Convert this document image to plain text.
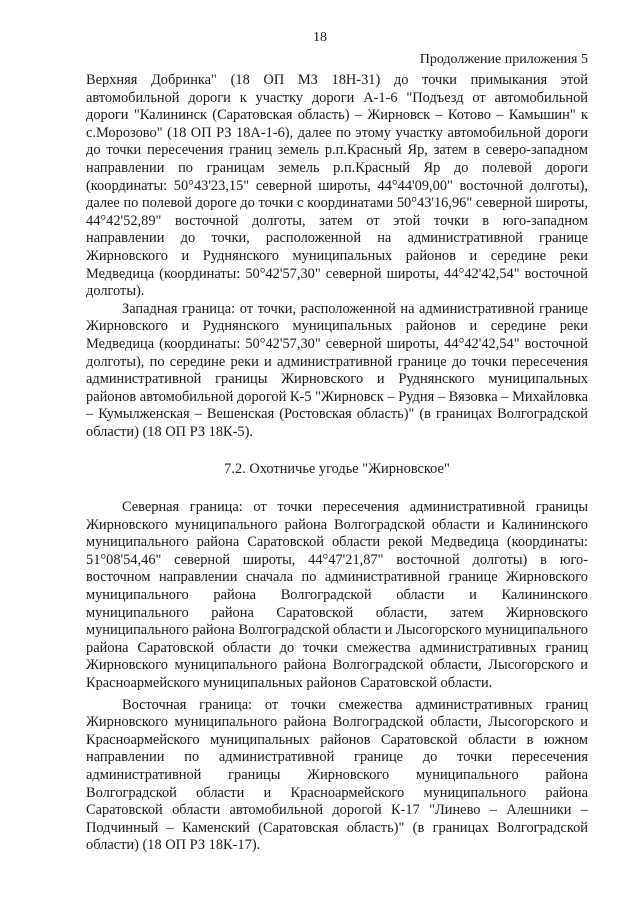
18
Продолжение приложения 5

Верхняя Добринка" (18 ОП МЗ 18Н-31) до точки примыкания этой автомобильной дороги к участку дороги А-1-6 "Подъезд от автомобильной дороги "Калининск (Саратовская область) – Жирновск – Котово – Камышин" к с.Морозово" (18 ОП РЗ 18А-1-6), далее по этому участку автомобильной дороги до точки пересечения границ земель р.п.Красный Яр, затем в северо-западном направлении по границам земель р.п.Красный Яр до полевой дороги (координаты: 50°43'23,15" северной широты, 44°44'09,00" восточной долготы), далее по полевой дороге до точки с координатами 50°43'16,96" северной широты, 44°42'52,89" восточной долготы, затем от этой точки в юго-западном направлении до точки, расположенной на административной границе Жирновского и Руднянского муниципальных районов и середине реки Медведица (координаты: 50°42'57,30" северной широты, 44°42'42,54" восточной долготы).

Западная граница: от точки, расположенной на административной границе Жирновского и Руднянского муниципальных районов и середине реки Медведица (координаты: 50°42'57,30" северной широты, 44°42'42,54" восточной долготы), по середине реки и административной границе до точки пересечения административной границы Жирновского и Руднянского муниципальных районов автомобильной дорогой К-5 "Жирновск – Рудня – Вязовка – Михайловка – Кумылженская – Вешенская (Ростовская область)" (в границах Волгоградской области) (18 ОП РЗ 18К-5).

7.2. Охотничье угодье "Жирновское"

Северная граница: от точки пересечения административной границы Жирновского муниципального района Волгоградской области и Калининского муниципального района Саратовской области рекой Медведица (координаты: 51°08'54,46" северной широты, 44°47'21,87" восточной долготы) в юго-восточном направлении сначала по административной границе Жирновского муниципального района Волгоградской области и Калининского муниципального района Саратовской области, затем Жирновского муниципального района Волгоградской области и Лысогорского муниципального района Саратовской области до точки смежества административных границ Жирновского муниципального района Волгоградской области, Лысогорского и Красноармейского муниципальных районов Саратовской области.

Восточная граница: от точки смежества административных границ Жирновского муниципального района Волгоградской области, Лысогорского и Красноармейского муниципальных районов Саратовской области в южном направлении по административной границе до точки пересечения административной границы Жирновского муниципального района Волгоградской области и Красноармейского муниципального района Саратовской области автомобильной дорогой К-17 "Линево – Алешники – Подчинный – Каменский (Саратовская область)" (в границах Волгоградской области) (18 ОП РЗ 18К-17).
